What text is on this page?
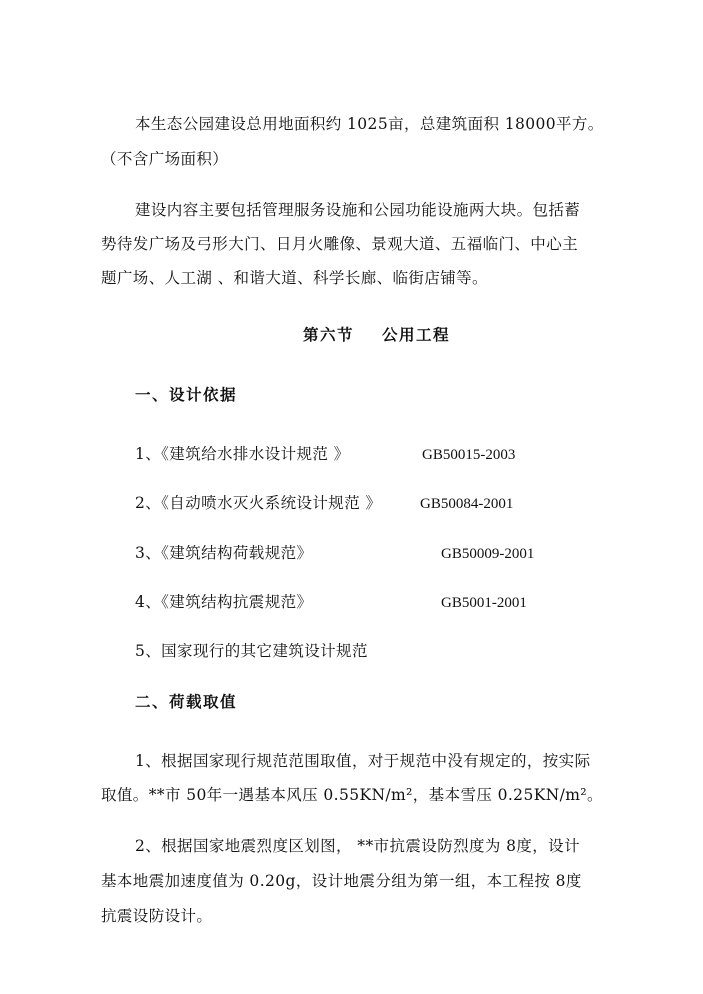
本生态公园建设总用地面积约 1025亩，总建筑面积 18000平方。
（不含广场面积）
建设内容主要包括管理服务设施和公园功能设施两大块。包括蓄
势待发广场及弓形大门、日月火雕像、景观大道、五福临门、中心主
题广场、人工湖 、和谐大道、科学长廊、临街店铺等。
第六节 公用工程
一、设计依据
1、《建筑给水排水设计规范 》	GB50015-2003
2、《自动喷水灭火系统设计规范 》	GB50084-2001
3、《建筑结构荷载规范》	GB50009-2001
4、《建筑结构抗震规范》	GB5001-2001
5、国家现行的其它建筑设计规范
二、荷载取值
1、根据国家现行规范范围取值，对于规范中没有规定的，按实际
取值。**市 50年一遇基本风压 0.55KN/m²，基本雪压 0.25KN/m²。
2、根据国家地震烈度区划图， **市抗震设防烈度为 8度，设计
基本地震加速度值为 0.20g，设计地震分组为第一组，本工程按 8度
抗震设防设计。
